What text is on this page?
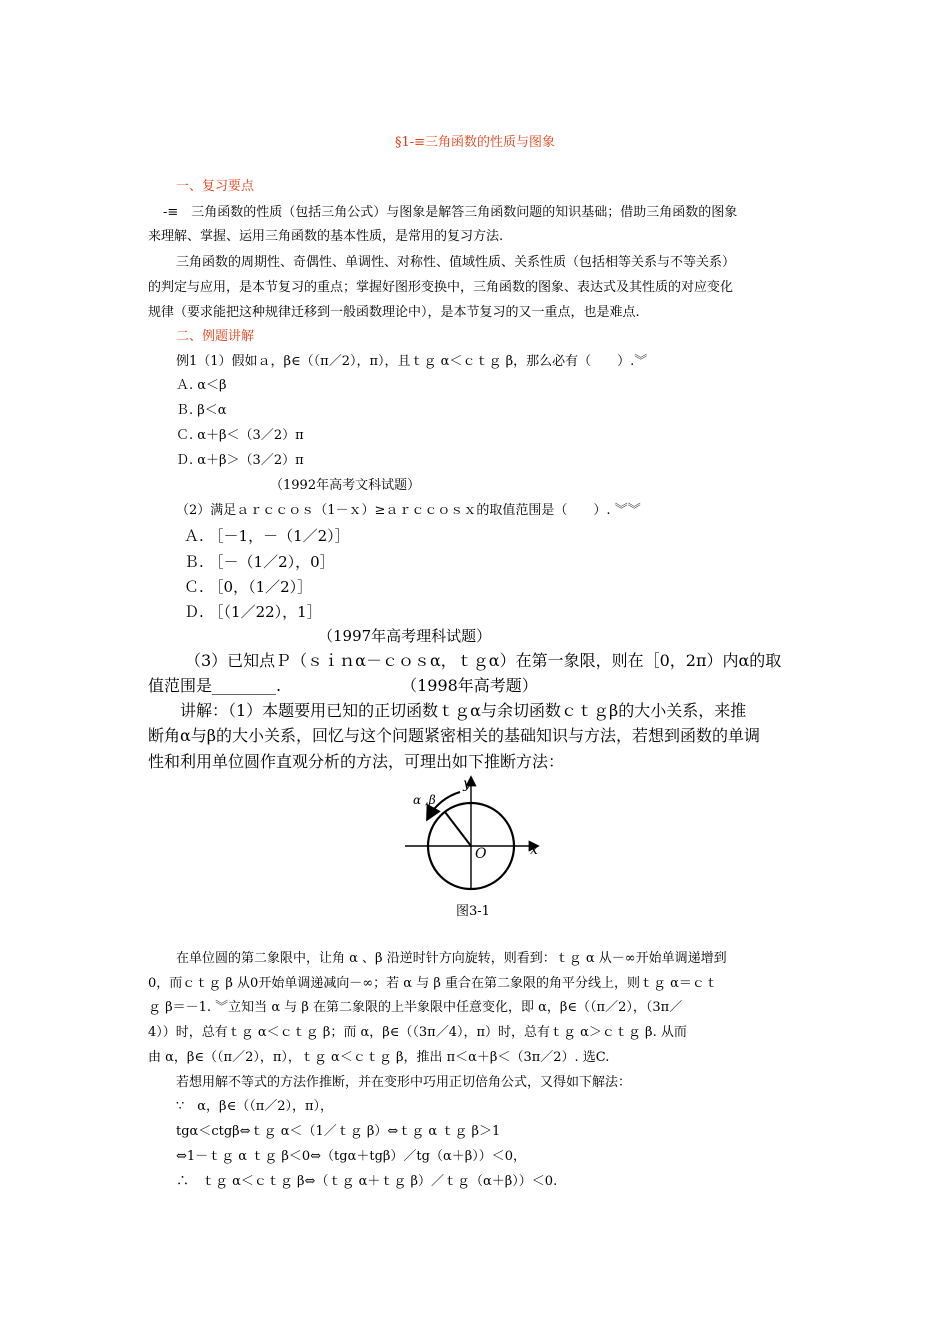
§1-≡三角函数的性质与图象
一、复习要点
-≡　三角函数的性质（包括三角公式）与图象是解答三角函数问题的知识基础；借助三角函数的图象
来理解、掌握、运用三角函数的基本性质，是常用的复习方法.
三角函数的周期性、奇偶性、单调性、对称性、值域性质、关系性质（包括相等关系与不等关系）
的判定与应用，是本节复习的重点；掌握好图形变换中，三角函数的图象、表达式及其性质的对应变化
规律（要求能把这种规律迁移到一般函数理论中），是本节复习的又一重点，也是难点.
二、例题讲解
例1（1）假如ａ，β∈（（π／2），π），且ｔｇ α＜ｃｔｇ β，那么必有（　　）.︾
Ａ. α＜β
Ｂ. β＜α
Ｃ. α＋β＜（3／2）π
Ｄ. α＋β＞（3／2）π
（1992年高考文科试题）
（2）满足ａｒｃｃｏｓ（1－ｘ）≥ａｒｃｃｏｓｘ的取值范围是（　　）. ︾︾
Ａ. ［－1，－（1／2）］
Ｂ. ［－（1／2），0］
Ｃ. ［0，（1／2）］
Ｄ. ［（1／22），1］
（1997年高考理科试题）
（3）已知点Ｐ（ｓｉｎα－ｃｏｓα，ｔｇα）在第一象限，则在［0，2π）内α的取
值范围是________.　　　　　　　　（1998年高考题）
讲解：（1）本题要用已知的正切函数ｔｇα与余切函数ｃｔｇβ的大小关系，来推
断角α与β的大小关系，回忆与这个问题紧密相关的基础知识与方法，若想到函数的单调
性和利用单位圆作直观分析的方法，可理出如下推断方法：
y
x
O
α ,β
图3-1
在单位圆的第二象限中，让角 α 、β 沿逆时针方向旋转，则看到：ｔｇ α 从－∞开始单调递增到
0，而ｃｔｇ β 从0开始单调递减向－∞；若 α 与 β 重合在第二象限的角平分线上，则ｔｇ α＝ｃｔ
ｇ β＝－1. ︾立知当 α 与 β 在第二象限的上半象限中任意变化，即 α，β∈（（π／2），（3π／
4））时，总有ｔｇ α＜ｃｔｇ β；而 α，β∈（（3π／4），π）时，总有ｔｇ α＞ｃｔｇ β. 从而
由 α，β∈（（π／2），π），ｔｇ α＜ｃｔｇ β，推出 π＜α＋β＜（3π／2）. 选C.
若想用解不等式的方法作推断，并在变形中巧用正切倍角公式，又得如下解法：
∵　α，β∈（（π／2），π），
tgα＜ctgβ⇔ｔｇ α＜（1／ｔｇ β）⇔ｔｇ α ｔｇ β＞1
⇔1－ｔｇ α ｔｇ β＜0⇔（tgα＋tgβ）／tg（α＋β））＜0，
∴　ｔｇ α＜ｃｔｇ β⇔（ｔｇ α＋ｔｇ β）／ｔｇ（α＋β））＜0.
